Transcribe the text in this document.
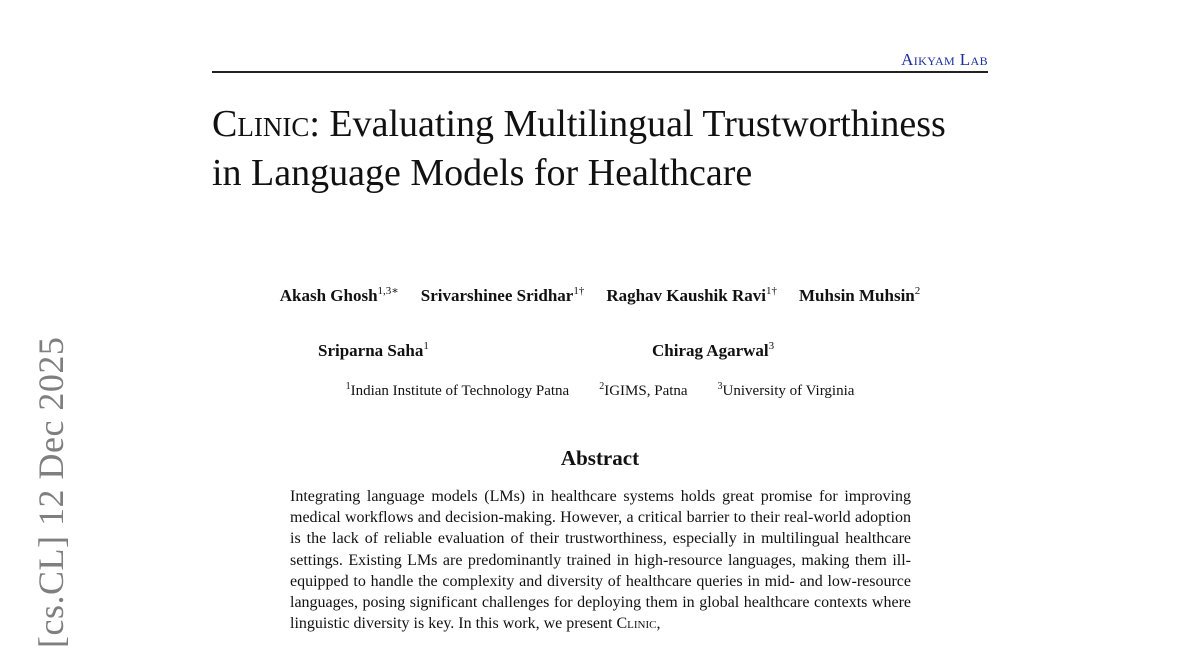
[cs.CL] 12 Dec 2025
Aikyam Lab
Clinic: Evaluating Multilingual Trustworthiness in Language Models for Healthcare
Akash Ghosh$^{1,3∗}$ Srivarshinee Sridhar$^{1\dagger}$ Raghav Kaushik Ravi$^{1\dagger}$ Muhsin Muhsin$^2$
Sriparna Saha$^1$	Chirag Agarwal$^3$
$^1$Indian Institute of Technology Patna	$^2$IGIMS, Patna	$^3$University of Virginia
Abstract

Integrating language models (LMs) in healthcare systems holds great promise for improving medical workflows and decision-making. However, a critical barrier to their real-world adoption is the lack of reliable evaluation of their trustworthiness, especially in multilingual healthcare settings. Existing LMs are predominantly trained in high-resource languages, making them ill-equipped to handle the complexity and diversity of healthcare queries in mid- and low-resource languages, posing significant challenges for deploying them in global healthcare contexts where linguistic diversity is key. In this work, we present Clinic,
